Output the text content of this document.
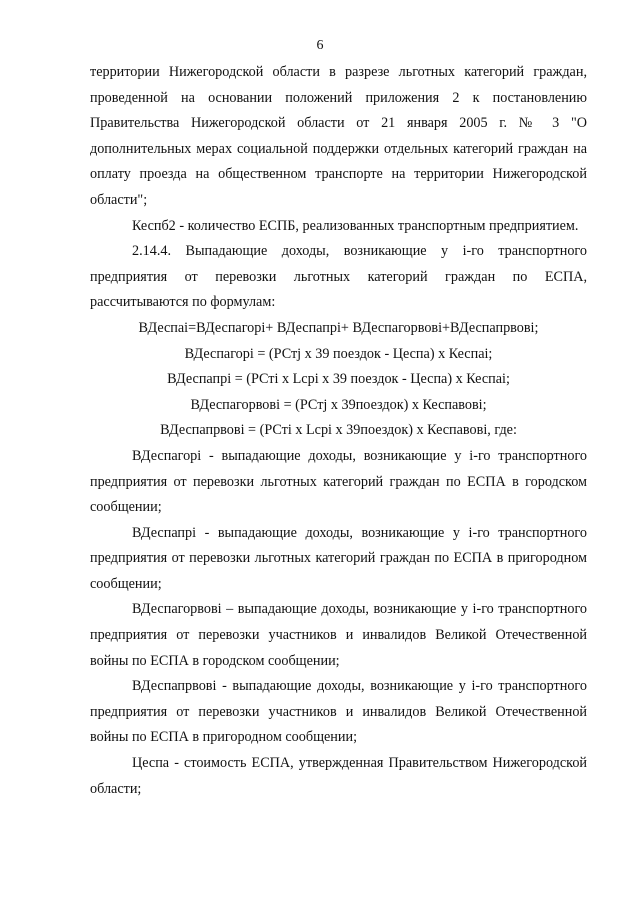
6

территории Нижегородской области в разрезе льготных категорий граждан, проведенной на основании положений приложения 2 к постановлению Правительства Нижегородской области от 21 января 2005 г. № 3 "О дополнительных мерах социальной поддержки отдельных категорий граждан на оплату проезда на общественном транспорте на территории Нижегородской области";

Кеспб2 - количество ЕСПБ, реализованных транспортным предприятием.

2.14.4. Выпадающие доходы, возникающие у i-го транспортного предприятия от перевозки льготных категорий граждан по ЕСПА, рассчитываются по формулам:

ВДеспаi=ВДеспагорi+ ВДеспапрi+ ВДеспагорвовi+ВДеспапрвовi;

ВДеспагорi = (РСтj x 39 поездок - Цеспа) x Кеспаi;

ВДеспапрi = (РСтi x Lcpi x 39 поездок - Цеспа) x Кеспаi;

ВДеспагорвовi = (РСтj x 39поездок) x Кеспавовi;

ВДеспапрвовi = (РСтi x Lcpi x 39поездок) x Кеспавовi, где:

ВДеспагорi - выпадающие доходы, возникающие у i-го транспортного предприятия от перевозки льготных категорий граждан по ЕСПА в городском сообщении;

ВДеспапрi - выпадающие доходы, возникающие у i-го транспортного предприятия от перевозки льготных категорий граждан по ЕСПА в пригородном сообщении;

ВДеспагорвовi – выпадающие доходы, возникающие у i-го транспортного предприятия от перевозки участников и инвалидов Великой Отечественной войны по ЕСПА в городском сообщении;

ВДеспапрвовi - выпадающие доходы, возникающие у i-го транспортного предприятия от перевозки участников и инвалидов Великой Отечественной войны по ЕСПА в пригородном сообщении;

Цеспа - стоимость ЕСПА, утвержденная Правительством Нижегородской области;
